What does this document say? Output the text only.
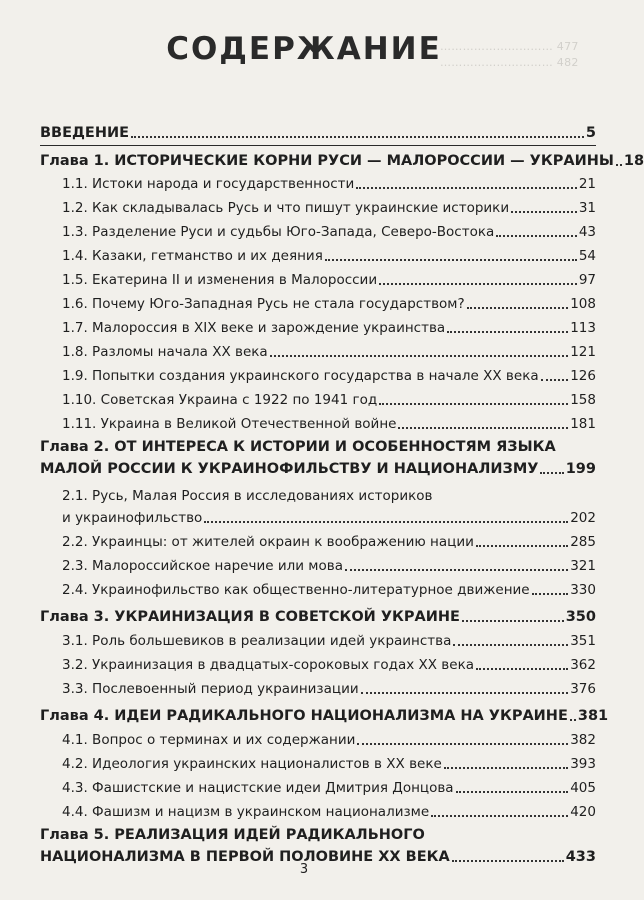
………………………… 477
………………………… 482
СОДЕРЖАНИЕ
ВВЕДЕНИЕ	5
Глава 1. ИСТОРИЧЕСКИЕ КОРНИ РУСИ — МАЛОРОССИИ — УКРАИНЫ 18
1.1. Истоки народа и государственности	21
1.2. Как складывалась Русь и что пишут украинские историки	31
1.3. Разделение Руси и судьбы Юго-Запада, Северо-Востока	43
1.4. Казаки, гетманство и их деяния	54
1.5. Екатерина II и изменения в Малороссии	97
1.6. Почему Юго-Западная Русь не стала государством?	108
1.7. Малороссия в XIX веке и зарождение украинства	113
1.8. Разломы начала XX века	121
1.9. Попытки создания украинского государства в начале XX века 126
1.10. Советская Украина с 1922 по 1941 год	158
1.11. Украина в Великой Отечественной войне	181
Глава 2. ОТ ИНТЕРЕСА К ИСТОРИИ И ОСОБЕННОСТЯМ ЯЗЫКА
МАЛОЙ РОССИИ К УКРАИНОФИЛЬСТВУ И НАЦИОНАЛИЗМУ 199
2.1. Русь, Малая Россия в исследованиях историков
и украинофильство	202
2.2. Украинцы: от жителей окраин к воображению нации	285
2.3. Малороссийское наречие или мова	321
2.4. Украинофильство как общественно-литературное движение	330
Глава 3. УКРАИНИЗАЦИЯ В СОВЕТСКОЙ УКРАИНЕ	350
3.1. Роль большевиков в реализации идей украинства	351
3.2. Украинизация в двадцатых-сороковых годах XX века	362
3.3. Послевоенный период украинизации	376
Глава 4. ИДЕИ РАДИКАЛЬНОГО НАЦИОНАЛИЗМА НА УКРАИНЕ 381
4.1. Вопрос о терминах и их содержании	382
4.2. Идеология украинских националистов в XX веке	393
4.3. Фашистские и нацистские идеи Дмитрия Донцова	405
4.4. Фашизм и нацизм в украинском национализме	420
Глава 5. РЕАЛИЗАЦИЯ ИДЕЙ РАДИКАЛЬНОГО
НАЦИОНАЛИЗМА В ПЕРВОЙ ПОЛОВИНЕ XX ВЕКА	433
3
